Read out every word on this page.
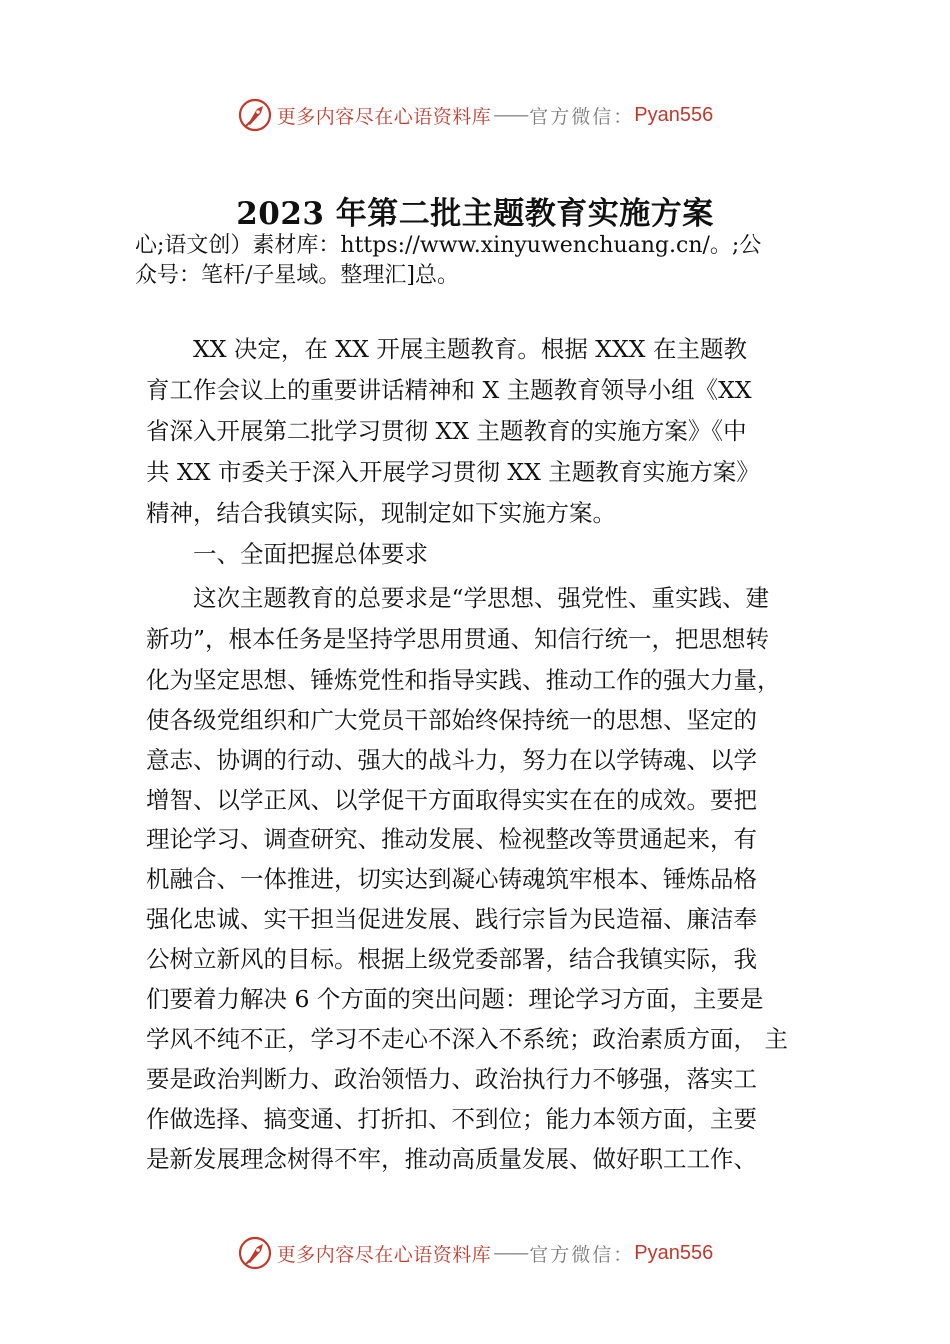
更多内容尽在心语资料库 —— 官方微信： Pyan556
2023 年第二批主题教育实施方案
心;语文创）素材库：https://www.xinyuwenchuang.cn/。;公
众号：笔杆/子星域。整理汇]总。
XX 决定，在 XX 开展主题教育。根据 XXX 在主题教
育工作会议上的重要讲话精神和 X 主题教育领导小组《XX
省深入开展第二批学习贯彻 XX 主题教育的实施方案》《中
共 XX 市委关于深入开展学习贯彻 XX 主题教育实施方案》
精神，结合我镇实际，现制定如下实施方案。
一、全面把握总体要求
这次主题教育的总要求是“学思想、强党性、重实践、建
新功”，根本任务是坚持学思用贯通、知信行统一，把思想转
化为坚定思想、锤炼党性和指导实践、推动工作的强大力量，
使各级党组织和广大党员干部始终保持统一的思想、坚定的
意志、协调的行动、强大的战斗力，努力在以学铸魂、以学
增智、以学正风、以学促干方面取得实实在在的成效。要把
理论学习、调查研究、推动发展、检视整改等贯通起来，有
机融合、一体推进，切实达到凝心铸魂筑牢根本、锤炼品格
强化忠诚、实干担当促进发展、践行宗旨为民造福、廉洁奉
公树立新风的目标。根据上级党委部署，结合我镇实际，我
们要着力解决 6 个方面的突出问题：理论学习方面，主要是
学风不纯不正，学习不走心不深入不系统；政治素质方面， 主
要是政治判断力、政治领悟力、政治执行力不够强，落实工
作做选择、搞变通、打折扣、不到位；能力本领方面，主要
是新发展理念树得不牢，推动高质量发展、做好职工工作、
更多内容尽在心语资料库 —— 官方微信： Pyan556
